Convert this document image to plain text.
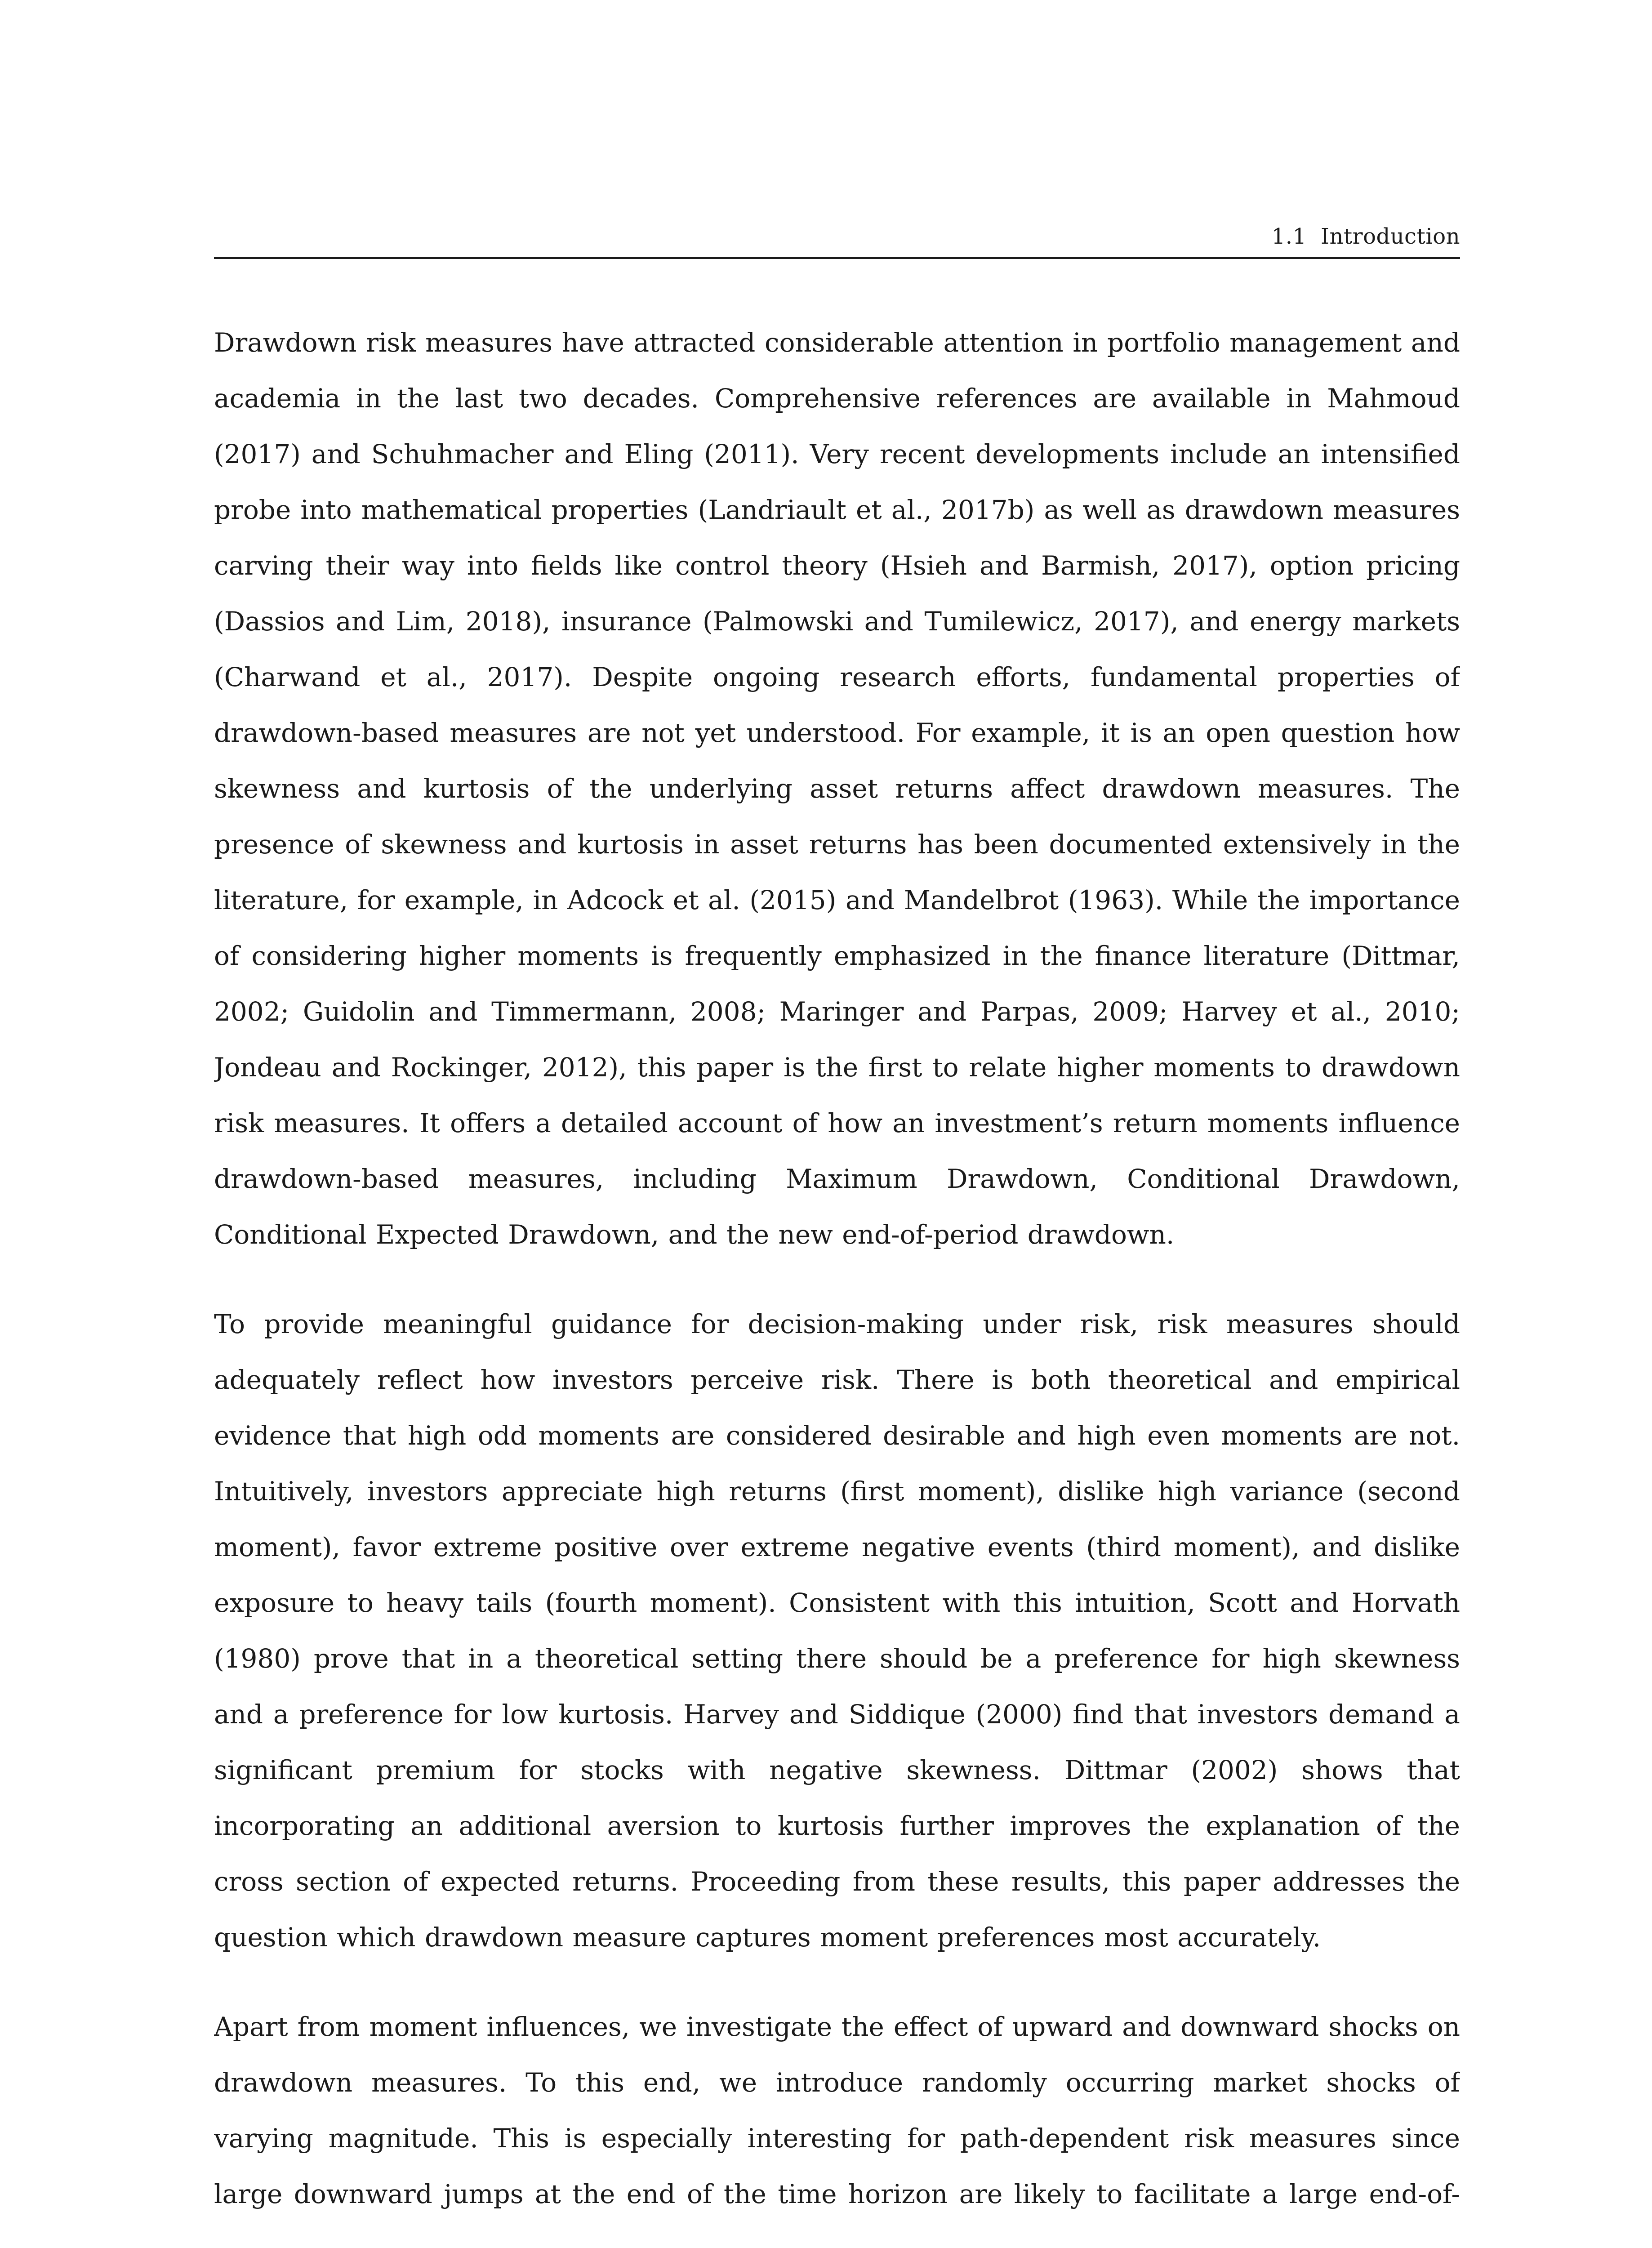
1.1 Introduction

Drawdown risk measures have attracted considerable attention in portfolio management and academia in the last two decades. Comprehensive references are available in Mahmoud (2017) and Schuhmacher and Eling (2011). Very recent developments include an intensified probe into mathematical properties (Landriault et al., 2017b) as well as drawdown measures carving their way into fields like control theory (Hsieh and Barmish, 2017), option pricing (Dassios and Lim, 2018), insurance (Palmowski and Tumilewicz, 2017), and energy markets (Charwand et al., 2017). Despite ongoing research efforts, fundamental properties of drawdown-based measures are not yet understood. For example, it is an open question how skewness and kurtosis of the underlying asset returns affect drawdown measures. The presence of skewness and kurtosis in asset returns has been documented extensively in the literature, for example, in Adcock et al. (2015) and Mandelbrot (1963). While the importance of considering higher moments is frequently emphasized in the finance literature (Dittmar, 2002; Guidolin and Timmermann, 2008; Maringer and Parpas, 2009; Harvey et al., 2010; Jondeau and Rockinger, 2012), this paper is the first to relate higher moments to drawdown risk measures. It offers a detailed account of how an investment’s return moments influence drawdown-based measures, including Maximum Drawdown, Conditional Drawdown, Conditional Expected Drawdown, and the new end-of-period drawdown.

To provide meaningful guidance for decision-making under risk, risk measures should adequately reflect how investors perceive risk. There is both theoretical and empirical evidence that high odd moments are considered desirable and high even moments are not. Intuitively, investors appreciate high returns (first moment), dislike high variance (second moment), favor extreme positive over extreme negative events (third moment), and dislike exposure to heavy tails (fourth moment). Consistent with this intuition, Scott and Horvath (1980) prove that in a theoretical setting there should be a preference for high skewness and a preference for low kurtosis. Harvey and Siddique (2000) find that investors demand a significant premium for stocks with negative skewness. Dittmar (2002) shows that incorporating an additional aversion to kurtosis further improves the explanation of the cross section of expected returns. Proceeding from these results, this paper addresses the question which drawdown measure captures moment preferences most accurately.

Apart from moment influences, we investigate the effect of upward and downward shocks on drawdown measures. To this end, we introduce randomly occurring market shocks of varying magnitude. This is especially interesting for path-dependent risk measures since large downward jumps at the end of the time horizon are likely to facilitate a large end-of-
